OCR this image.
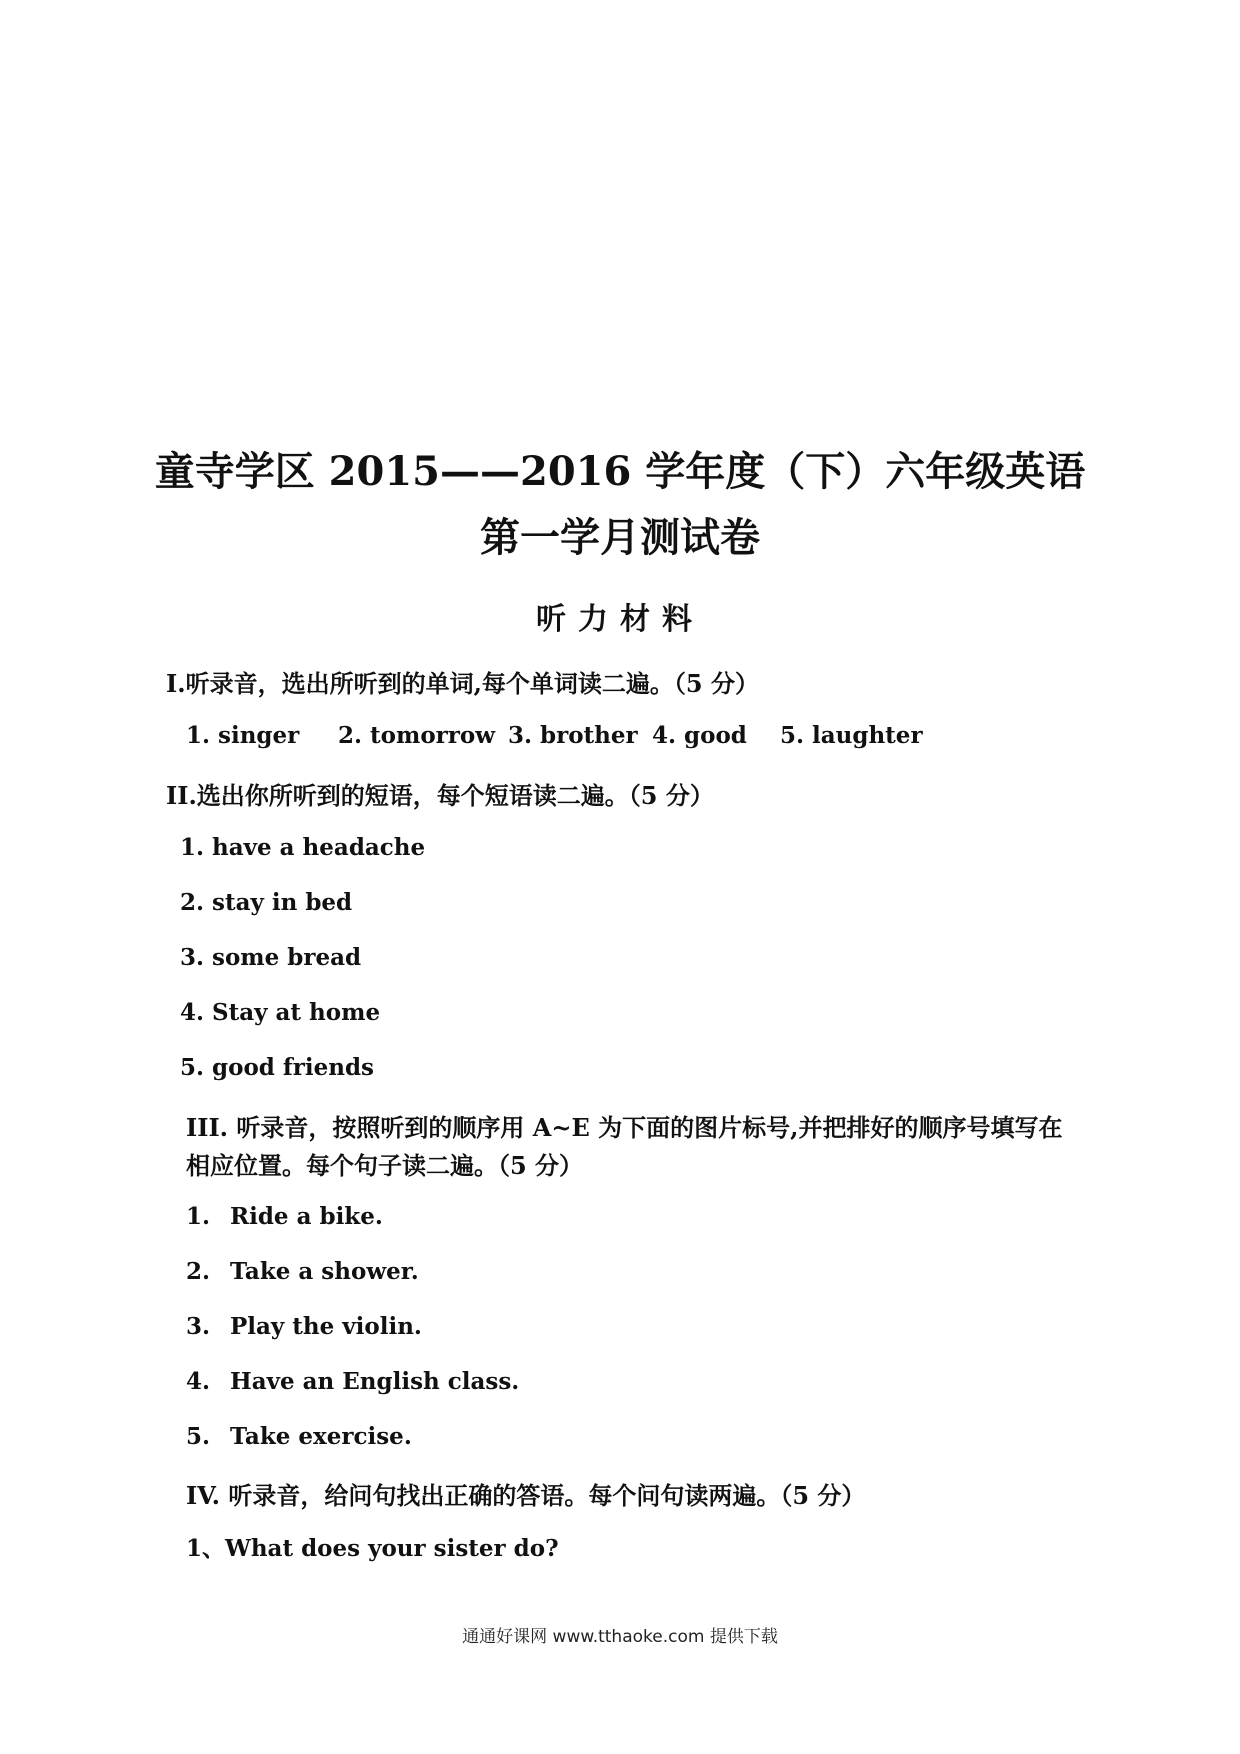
童寺学区 2015——2016 学年度（下）六年级英语
第一学月测试卷
听力材料
I.听录音，选出所听到的单词,每个单词读二遍。（5 分）
1. singer 2. tomorrow 3. brother 4. good 5. laughter
II.选出你所听到的短语，每个短语读二遍。（5 分）
1. have a headache
2. stay in bed
3. some bread
4. Stay at home
5. good friends
III. 听录音，按照听到的顺序用 A~E 为下面的图片标号,并把排好的顺序号填写在
相应位置。每个句子读二遍。（5 分）
1. Ride a bike.
2. Take a shower.
3. Play the violin.
4. Have an English class.
5. Take exercise.
IV. 听录音，给问句找出正确的答语。每个问句读两遍。（5 分）
1、What does your sister do?
通通好课网 www.tthaoke.com 提供下载
